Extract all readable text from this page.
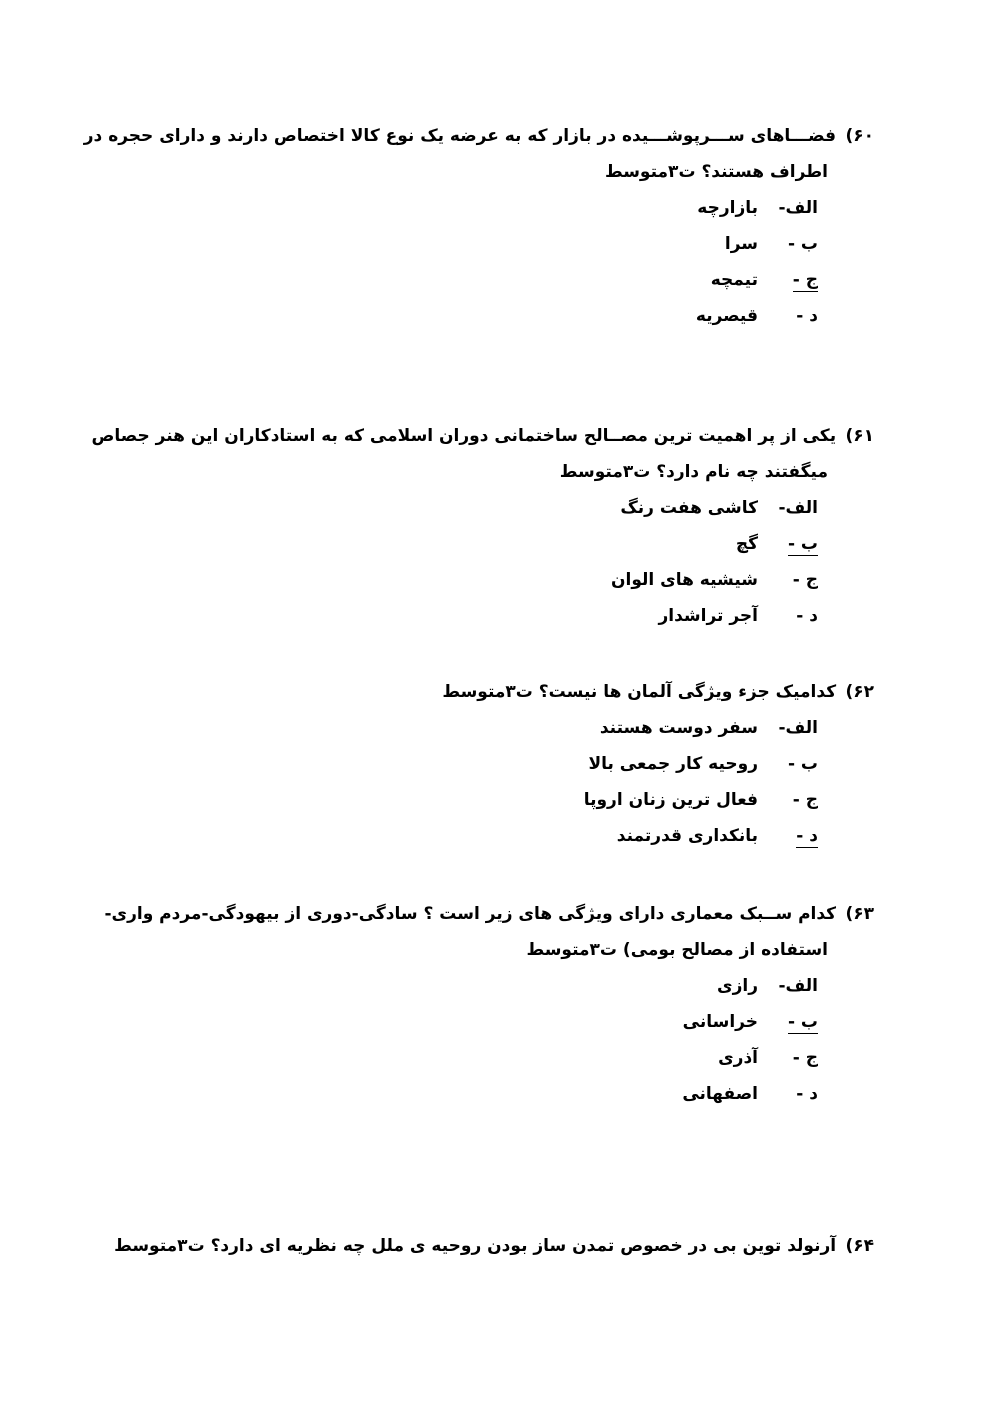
۶۰) فضـــاهای ســـرپوشـــیده در بازار که به عرضه یک نوع کالا اختصاص دارند و دارای حجره در
اطراف هستند؟ ت۳متوسط
الف-
بازارچه
ب -
سرا
ج -
تیمچه
د -
قیصریه
۶۱) یکی از پر اهمیت ترین مصــالح ساختمانی دوران اسلامی که به استادکاران این هنر جصاص
میگفتند چه نام دارد؟ ت۳متوسط
الف-
کاشی هفت رنگ
ب -
گچ
ج -
شیشیه های الوان
د -
آجر تراشدار
۶۲) کدامیک جزء ویژگی آلمان ها نیست؟ ت۳متوسط
الف-
سفر دوست هستند
ب -
روحیه کار جمعی بالا
ج -
فعال ترین زنان اروپا
د -
بانکداری قدرتمند
۶۳) کدام ســبک معماری دارای ویژگی های زیر است ؟ سادگی-دوری از بیهودگی-مردم واری-
استفاده از مصالح بومی) ت۳متوسط
الف-
رازی
ب -
خراسانی
ج -
آذری
د -
اصفهانی
۶۴) آرنولد توین بی در خصوص تمدن ساز بودن روحیه ی ملل چه نظریه ای دارد؟ ت۳متوسط
